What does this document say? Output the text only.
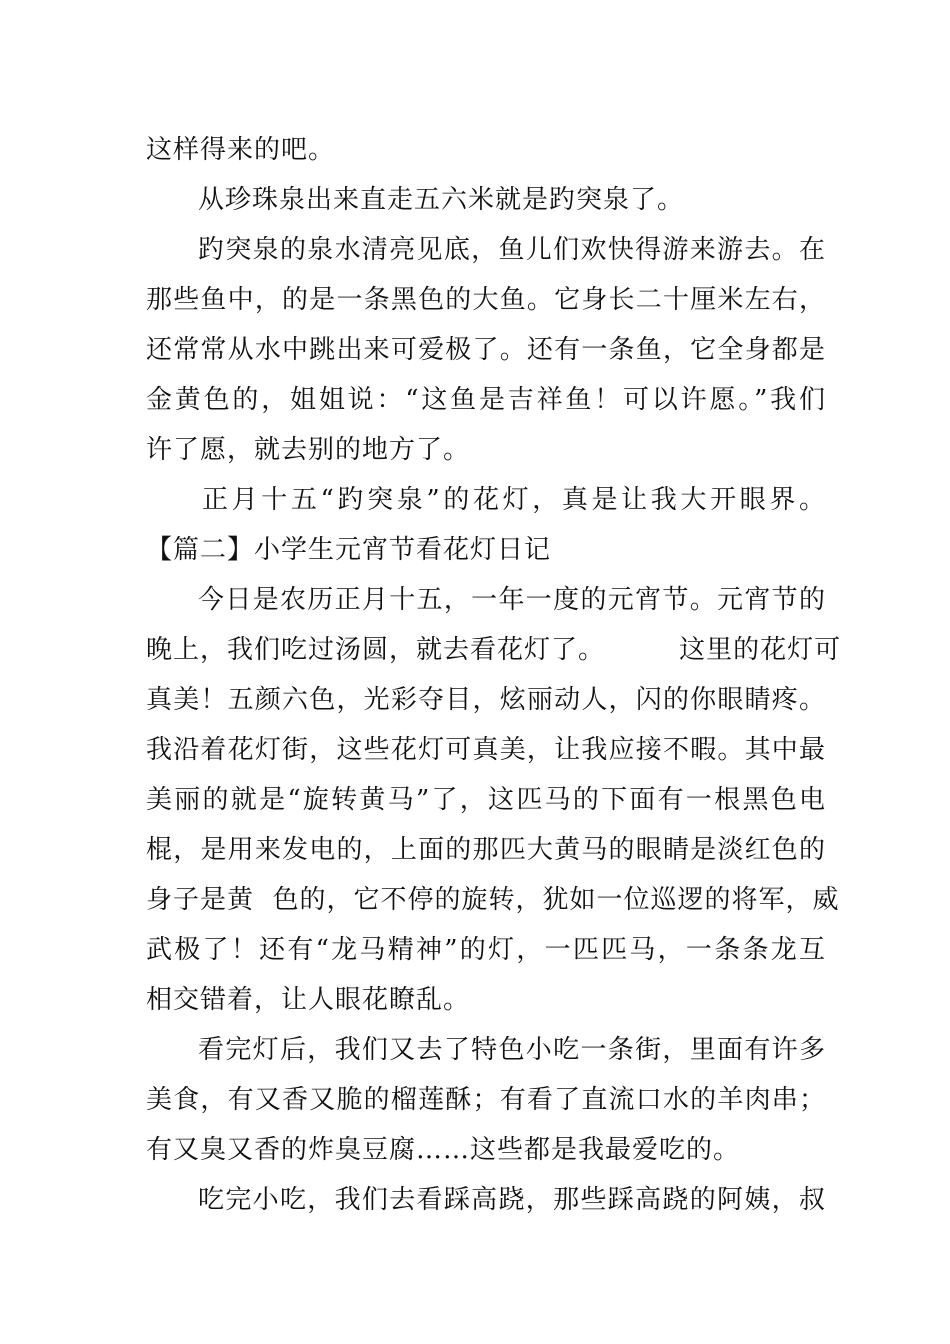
这样得来的吧。
从珍珠泉出来直走五六米就是趵突泉了。
趵突泉的泉水清亮见底，鱼儿们欢快得游来游去。在
那些鱼中，的是一条黑色的大鱼。它身长二十厘米左右，
还常常从水中跳出来可爱极了。还有一条鱼，它全身都是
金黄色的，姐姐说：“这鱼是吉祥鱼！可以许愿。”我们
许了愿，就去别的地方了。
正月十五“趵突泉”的花灯，真是让我大开眼界。
【篇二】小学生元宵节看花灯日记
今日是农历正月十五，一年一度的元宵节。元宵节的
晚上，我们吃过汤圆，就去看花灯了。        这里的花灯可
真美！五颜六色，光彩夺目，炫丽动人，闪的你眼睛疼。
我沿着花灯街，这些花灯可真美，让我应接不暇。其中最
美丽的就是“旋转黄马”了，这匹马的下面有一根黑色电
棍，是用来发电的，上面的那匹大黄马的眼睛是淡红色的
身子是黄  色的，它不停的旋转，犹如一位巡逻的将军，威
武极了！还有“龙马精神”的灯，一匹匹马，一条条龙互
相交错着，让人眼花瞭乱。
看完灯后，我们又去了特色小吃一条街，里面有许多
美食，有又香又脆的榴莲酥；有看了直流口水的羊肉串；
有又臭又香的炸臭豆腐……这些都是我最爱吃的。
吃完小吃，我们去看踩高跷，那些踩高跷的阿姨，叔
